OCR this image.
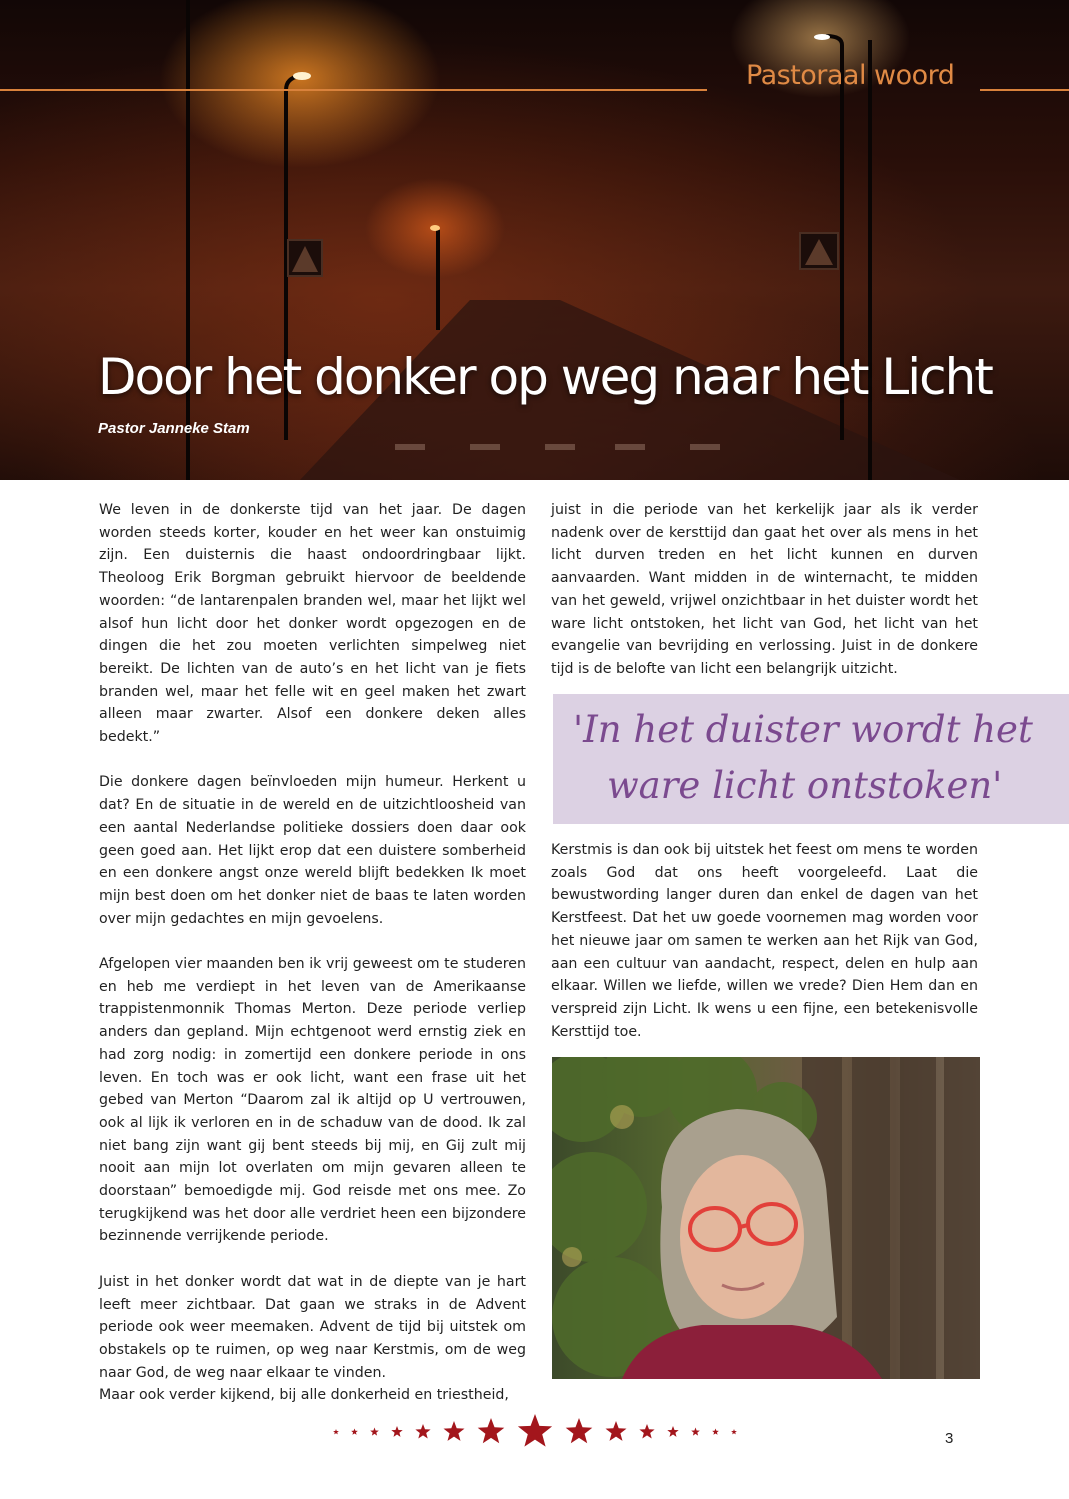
Pastoraal woord
Door het donker op weg naar het Licht
Pastor Janneke Stam

We leven in de donkerste tijd van het jaar. De dagen worden steeds korter, kouder en het weer kan onstuimig zijn. Een duisternis die haast ondoordringbaar lijkt. Theoloog Erik Borgman gebruikt hiervoor de beeldende woorden: “de lantarenpalen branden wel, maar het lijkt wel alsof hun licht door het donker wordt opgezogen en de dingen die het zou moeten verlichten simpelweg niet bereikt. De lichten van de auto’s en het licht van je fiets branden wel, maar het felle wit en geel maken het zwart alleen maar zwarter. Alsof een donkere deken alles bedekt.”

Die donkere dagen beïnvloeden mijn humeur. Herkent u dat? En de situatie in de wereld en de uitzichtloosheid van een aantal Nederlandse politieke dossiers doen daar ook geen goed aan. Het lijkt erop dat een duistere somberheid en een donkere angst onze wereld blijft bedekken Ik moet mijn best doen om het donker niet de baas te laten worden over mijn gedachtes en mijn gevoelens.

Afgelopen vier maanden ben ik vrij geweest om te studeren en heb me verdiept in het leven van de Amerikaanse trappistenmonnik Thomas Merton. Deze periode verliep anders dan gepland. Mijn echtgenoot werd ernstig ziek en had zorg nodig: in zomertijd een donkere periode in ons leven. En toch was er ook licht, want een frase uit het gebed van Merton “Daarom zal ik altijd op U vertrouwen, ook al lijk ik verloren en in de schaduw van de dood. Ik zal niet bang zijn want gij bent steeds bij mij, en Gij zult mij nooit aan mijn lot overlaten om mijn gevaren alleen te doorstaan” bemoedigde mij. God reisde met ons mee. Zo terugkijkend was het door alle verdriet heen een bijzondere bezinnende verrijkende periode.

Juist in het donker wordt dat wat in de diepte van je hart leeft meer zichtbaar. Dat gaan we straks in de Advent periode ook weer meemaken. Advent de tijd bij uitstek om obstakels op te ruimen, op weg naar Kerstmis, om de weg naar God, de weg naar elkaar te vinden.

Maar ook verder kijkend, bij alle donkerheid en triestheid,

juist in die periode van het kerkelijk jaar als ik verder nadenk over de kersttijd dan gaat het over als mens in het licht durven treden en het licht kunnen en durven aanvaarden. Want midden in de winternacht, te midden van het geweld, vrijwel onzichtbaar in het duister wordt het ware licht ontstoken, het licht van God, het licht van het evangelie van bevrijding en verlossing. Juist in de donkere tijd is de belofte van licht een belangrijk uitzicht.

'In het duister wordt het
ware licht ontstoken'

Kerstmis is dan ook bij uitstek het feest om mens te worden zoals God dat ons heeft voorgeleefd. Laat die bewustwording langer duren dan enkel de dagen van het Kerstfeest. Dat het uw goede voornemen mag worden voor het nieuwe jaar om samen te werken aan het Rijk van God, aan een cultuur van aandacht, respect, delen en hulp aan elkaar. Willen we liefde, willen we vrede? Dien Hem dan en verspreid zijn Licht. Ik wens u een fijne, een betekenisvolle Kersttijd toe.

3
